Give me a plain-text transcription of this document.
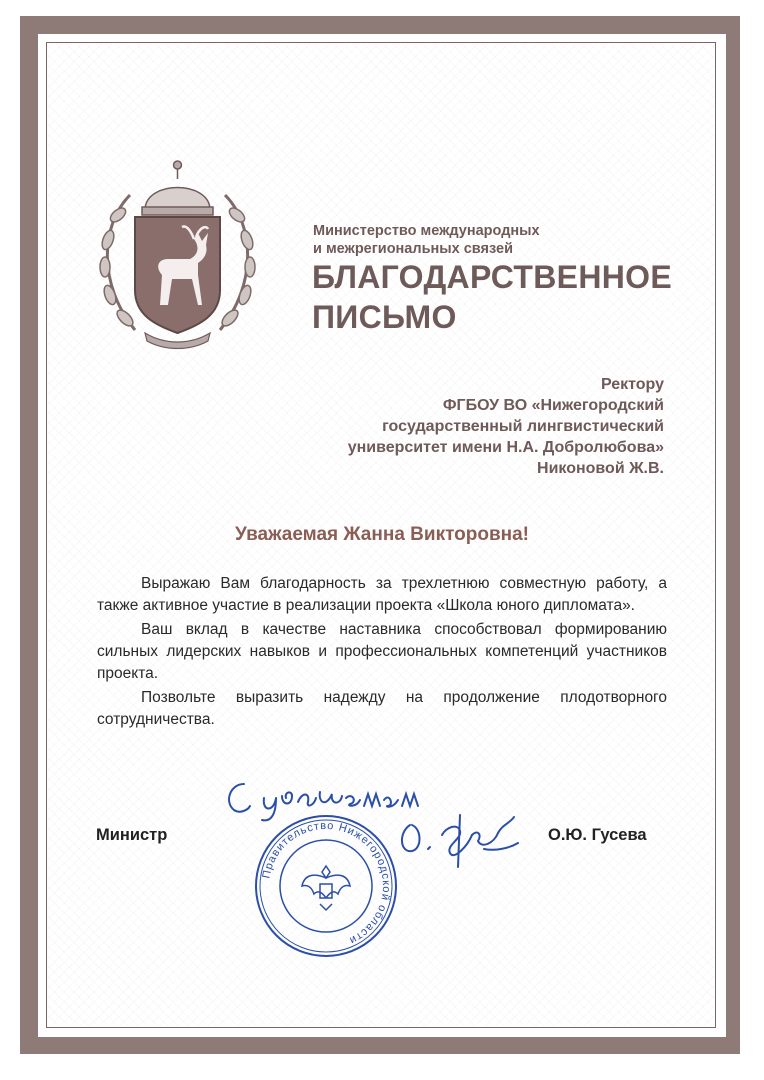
Министерство международных
и межрегиональных связей
БЛАГОДАРСТВЕННОЕ
ПИСЬМО
Ректору
ФГБОУ ВО «Нижегородский
государственный лингвистический
университет имени Н.А. Добролюбова»
Никоновой Ж.В.
Уважаемая Жанна Викторовна!

Выражаю Вам благодарность за трехлетнюю совместную работу, а также активное участие в реализации проекта «Школа юного дипломата».

Ваш вклад в качестве наставника способствовал формированию сильных лидерских навыков и профессиональных компетенций участников проекта.

Позвольте выразить надежду на продолжение плодотворного сотрудничества.

Министр
Правительство Нижегородской области
О.Ю. Гусева
